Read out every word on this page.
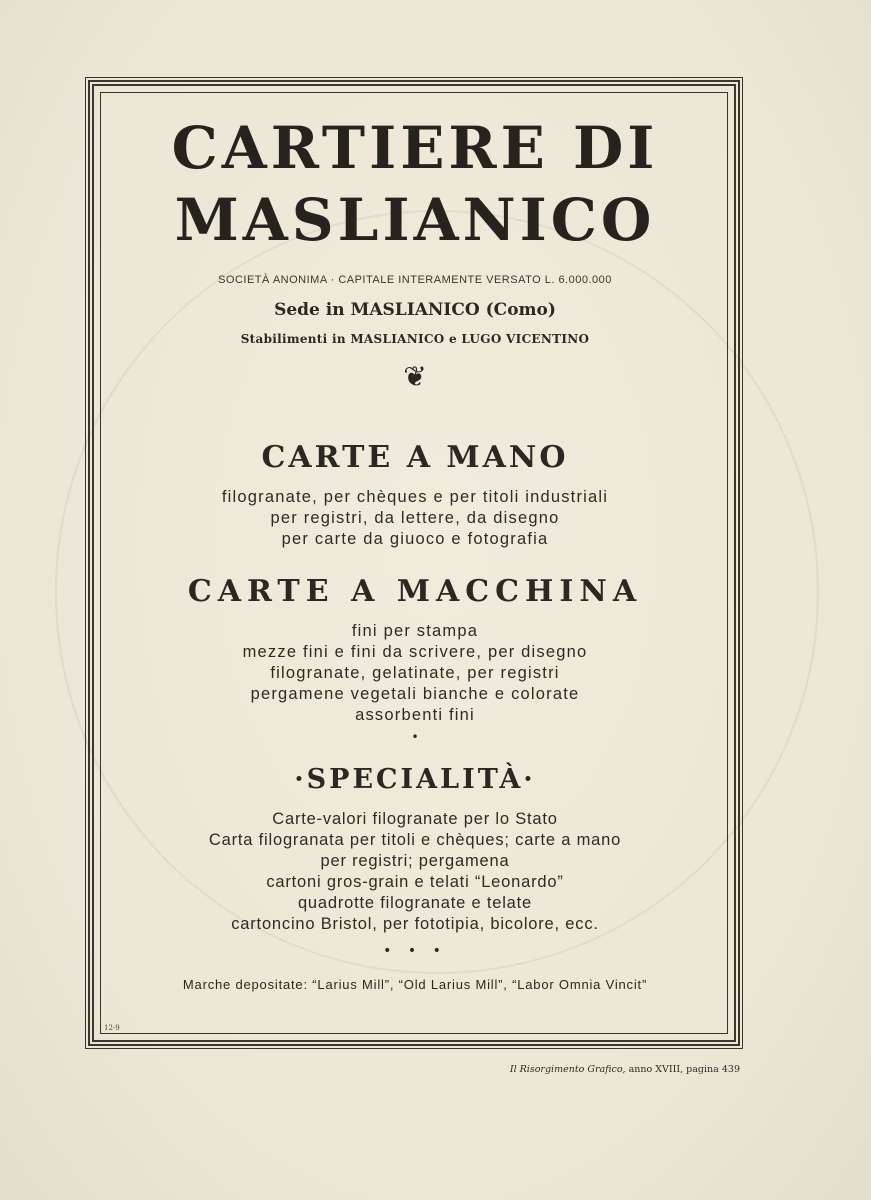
CARTIERE DI
MASLIANICO
SOCIETÀ ANONIMA · CAPITALE INTERAMENTE VERSATO L. 6.000.000
Sede in MASLIANICO (Como)
Stabilimenti in MASLIANICO e LUGO VICENTINO
❦
CARTE A MANO
filogranate, per chèques e per titoli industriali
per registri, da lettere, da disegno
per carte da giuoco e fotografia
CARTE A MACCHINA
fini per stampa
mezze fini e fini da scrivere, per disegno
filogranate, gelatinate, per registri
pergamene vegetali bianche e colorate
assorbenti fini
•
·SPECIALITÀ·
Carte-valori filogranate per lo Stato
Carta filogranata per titoli e chèques; carte a mano
per registri; pergamena
cartoni gros-grain e telati “Leonardo”
quadrotte filogranate e telate
cartoncino Bristol, per fototipia, bicolore, ecc.
• • •
Marche depositate: “Larius Mill”, “Old Larius Mill”, “Labor Omnia Vincit”
12-9
Il Risorgimento Grafico, anno XVIII, pagina 439
